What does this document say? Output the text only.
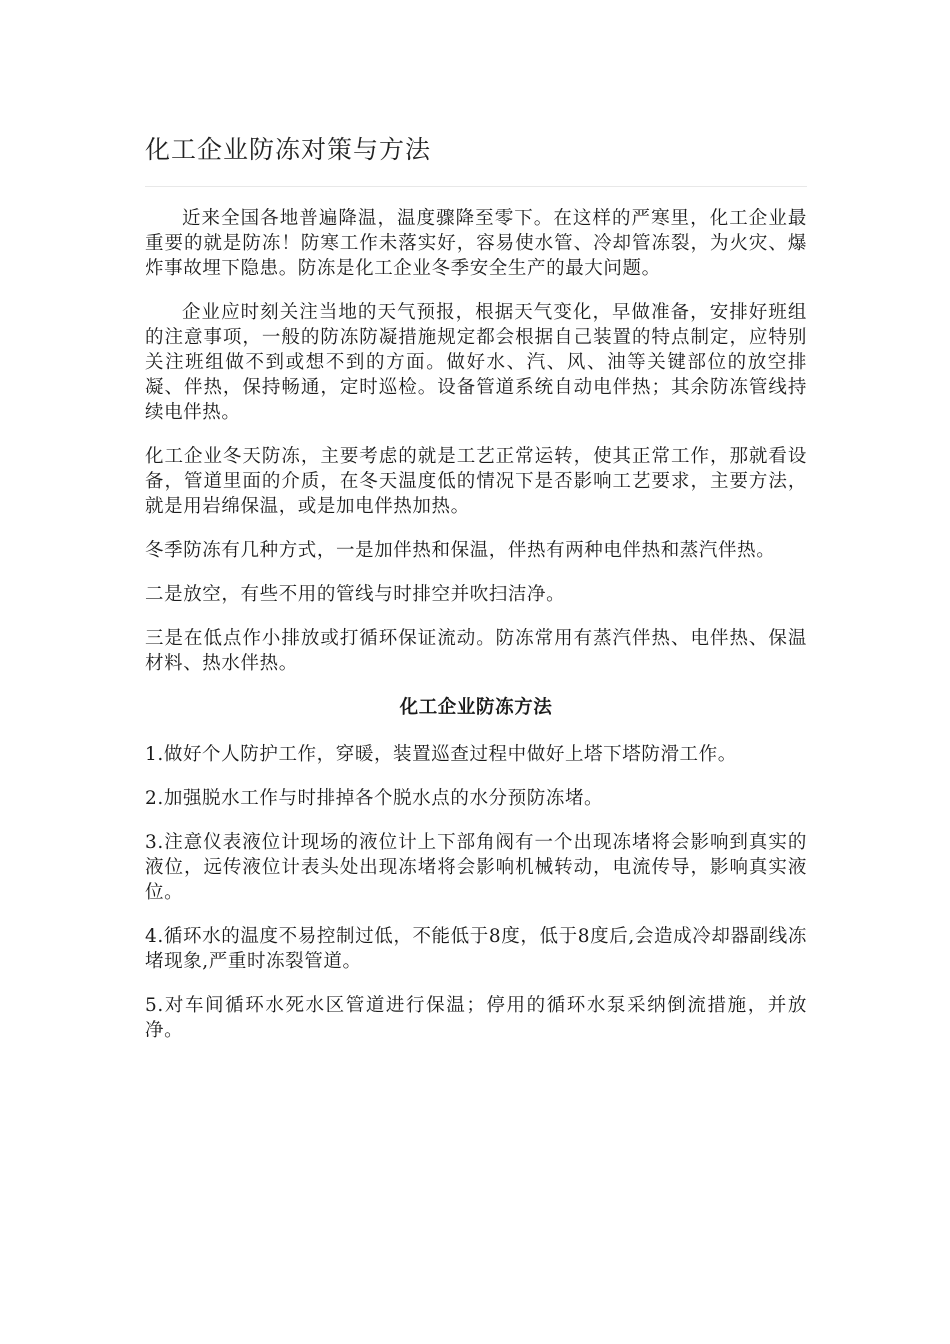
化工企业防冻对策与方法

近来全国各地普遍降温，温度骤降至零下。在这样的严寒里，化工企业最重要的就是防冻！防寒工作未落实好，容易使水管、冷却管冻裂，为火灾、爆炸事故埋下隐患。防冻是化工企业冬季安全生产的最大问题。

企业应时刻关注当地的天气预报，根据天气变化，早做准备，安排好班组的注意事项，一般的防冻防凝措施规定都会根据自己装置的特点制定，应特别关注班组做不到或想不到的方面。做好水、汽、风、油等关键部位的放空排凝、伴热，保持畅通，定时巡检。设备管道系统自动电伴热；其余防冻管线持续电伴热。

化工企业冬天防冻，主要考虑的就是工艺正常运转，使其正常工作，那就看设备，管道里面的介质，在冬天温度低的情况下是否影响工艺要求，主要方法，就是用岩绵保温，或是加电伴热加热。

冬季防冻有几种方式，一是加伴热和保温，伴热有两种电伴热和蒸汽伴热。

二是放空，有些不用的管线与时排空并吹扫洁净。

三是在低点作小排放或打循环保证流动。防冻常用有蒸汽伴热、电伴热、保温材料、热水伴热。

化工企业防冻方法

1.做好个人防护工作，穿暖，装置巡查过程中做好上塔下塔防滑工作。

2.加强脱水工作与时排掉各个脱水点的水分预防冻堵。

3.注意仪表液位计现场的液位计上下部角阀有一个出现冻堵将会影响到真实的液位，远传液位计表头处出现冻堵将会影响机械转动，电流传导，影响真实液位。

4.循环水的温度不易控制过低，不能低于8度，低于8度后,会造成冷却器副线冻堵现象,严重时冻裂管道。

5.对车间循环水死水区管道进行保温；停用的循环水泵采纳倒流措施，并放净。
